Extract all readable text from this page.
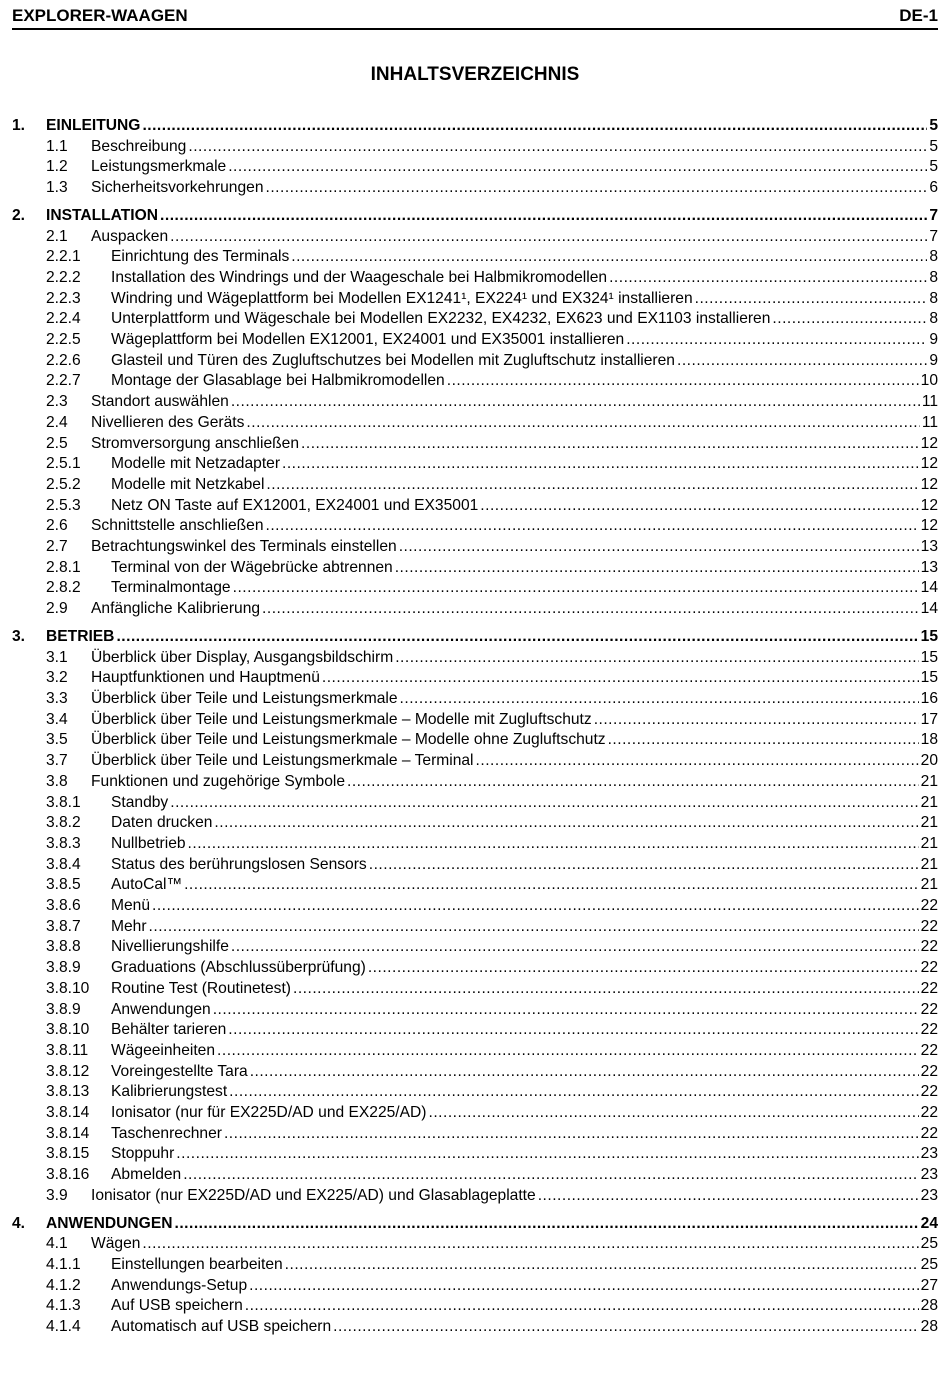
EXPLORER-WAAGEN	DE-1
INHALTSVERZEICHNIS
1.	EINLEITUNG .....	5
1.1	Beschreibung .....	5
1.2	Leistungsmerkmale .....	5
1.3	Sicherheitsvorkehrungen .....	6
2.	INSTALLATION .....	7
2.1	Auspacken .....	7
2.2.1	Einrichtung des Terminals .....	8
2.2.2	Installation des Windrings und der Waageschale bei Halbmikromodellen .....	8
2.2.3	Windring und Wägeplattform bei Modellen EX1241¹, EX224¹ und EX324¹ installieren .....	8
2.2.4	Unterplattform und Wägeschale bei Modellen EX2232, EX4232, EX623 und EX1103 installieren .....	8
2.2.5	Wägeplattform bei Modellen EX12001, EX24001 und EX35001 installieren .....	9
2.2.6	Glasteil und Türen des Zugluftschutzes bei Modellen mit Zugluftschutz installieren .....	9
2.2.7	Montage der Glasablage bei Halbmikromodellen .....	10
2.3	Standort auswählen .....	11
2.4	Nivellieren des Geräts .....	11
2.5	Stromversorgung anschließen .....	12
2.5.1	Modelle mit Netzadapter .....	12
2.5.2	Modelle mit Netzkabel .....	12
2.5.3	Netz ON Taste auf EX12001, EX24001 und EX35001 .....	12
2.6	Schnittstelle anschließen .....	12
2.7	Betrachtungswinkel des Terminals einstellen .....	13
2.8.1	Terminal von der Wägebrücke abtrennen .....	13
2.8.2	Terminalmontage .....	14
2.9	Anfängliche Kalibrierung .....	14
3.	BETRIEB .....	15
3.1	Überblick über Display, Ausgangsbildschirm .....	15
3.2	Hauptfunktionen und Hauptmenü .....	15
3.3	Überblick über Teile und Leistungsmerkmale .....	16
3.4	Überblick über Teile und Leistungsmerkmale – Modelle mit Zugluftschutz .....	17
3.5	Überblick über Teile und Leistungsmerkmale – Modelle ohne Zugluftschutz .....	18
3.7	Überblick über Teile und Leistungsmerkmale – Terminal .....	20
3.8	Funktionen und zugehörige Symbole .....	21
3.8.1	Standby .....	21
3.8.2	Daten drucken .....	21
3.8.3	Nullbetrieb .....	21
3.8.4	Status des berührungslosen Sensors .....	21
3.8.5	AutoCal™ .....	21
3.8.6	Menü .....	22
3.8.7	Mehr .....	22
3.8.8	Nivellierungshilfe .....	22
3.8.9	Graduations (Abschlussüberprüfung) .....	22
3.8.10	Routine Test (Routinetest) .....	22
3.8.9	Anwendungen .....	22
3.8.10	Behälter tarieren .....	22
3.8.11	Wägeeinheiten .....	22
3.8.12	Voreingestellte Tara .....	22
3.8.13	Kalibrierungstest .....	22
3.8.14	Ionisator (nur für EX225D/AD und EX225/AD) .....	22
3.8.14	Taschenrechner .....	22
3.8.15	Stoppuhr .....	23
3.8.16	Abmelden .....	23
3.9	Ionisator (nur EX225D/AD und EX225/AD) und Glasablageplatte .....	23
4.	ANWENDUNGEN .....	24
4.1	Wägen .....	25
4.1.1	Einstellungen bearbeiten .....	25
4.1.2	Anwendungs-Setup .....	27
4.1.3	Auf USB speichern .....	28
4.1.4	Automatisch auf USB speichern .....	28
